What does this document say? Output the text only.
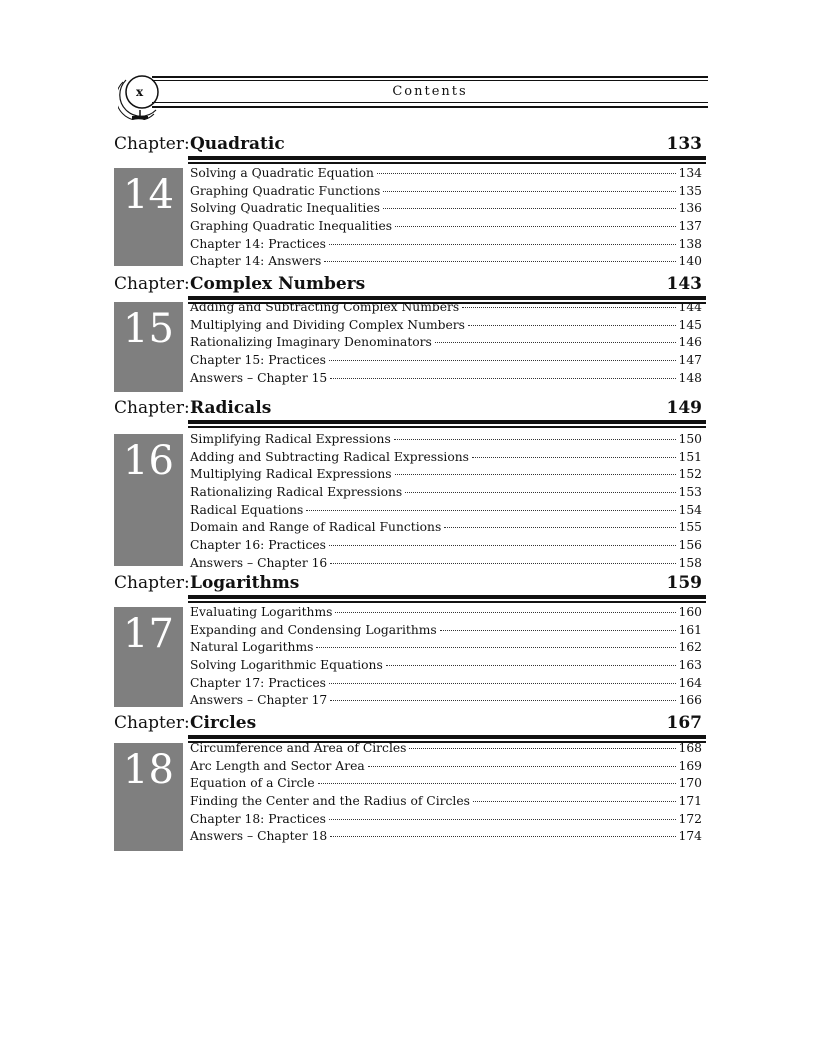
x	Contents
Chapter: Quadratic	133
14	Solving a Quadratic Equation	134
Graphing Quadratic Functions	135
Solving Quadratic Inequalities	136
Graphing Quadratic Inequalities	137
Chapter 14: Practices	138
Chapter 14: Answers	140
Chapter: Complex Numbers	143
15	Adding and Subtracting Complex Numbers	144
Multiplying and Dividing Complex Numbers	145
Rationalizing Imaginary Denominators	146
Chapter 15: Practices	147
Answers – Chapter 15	148
Chapter: Radicals	149
16	Simplifying Radical Expressions	150
Adding and Subtracting Radical Expressions	151
Multiplying Radical Expressions	152
Rationalizing Radical Expressions	153
Radical Equations	154
Domain and Range of Radical Functions	155
Chapter 16: Practices	156
Answers – Chapter 16	158
Chapter: Logarithms	159
17	Evaluating Logarithms	160
Expanding and Condensing Logarithms	161
Natural Logarithms	162
Solving Logarithmic Equations	163
Chapter 17: Practices	164
Answers – Chapter 17	166
Chapter: Circles	167
18	Circumference and Area of Circles	168
Arc Length and Sector Area	169
Equation of a Circle	170
Finding the Center and the Radius of Circles	171
Chapter 18: Practices	172
Answers – Chapter 18	174
